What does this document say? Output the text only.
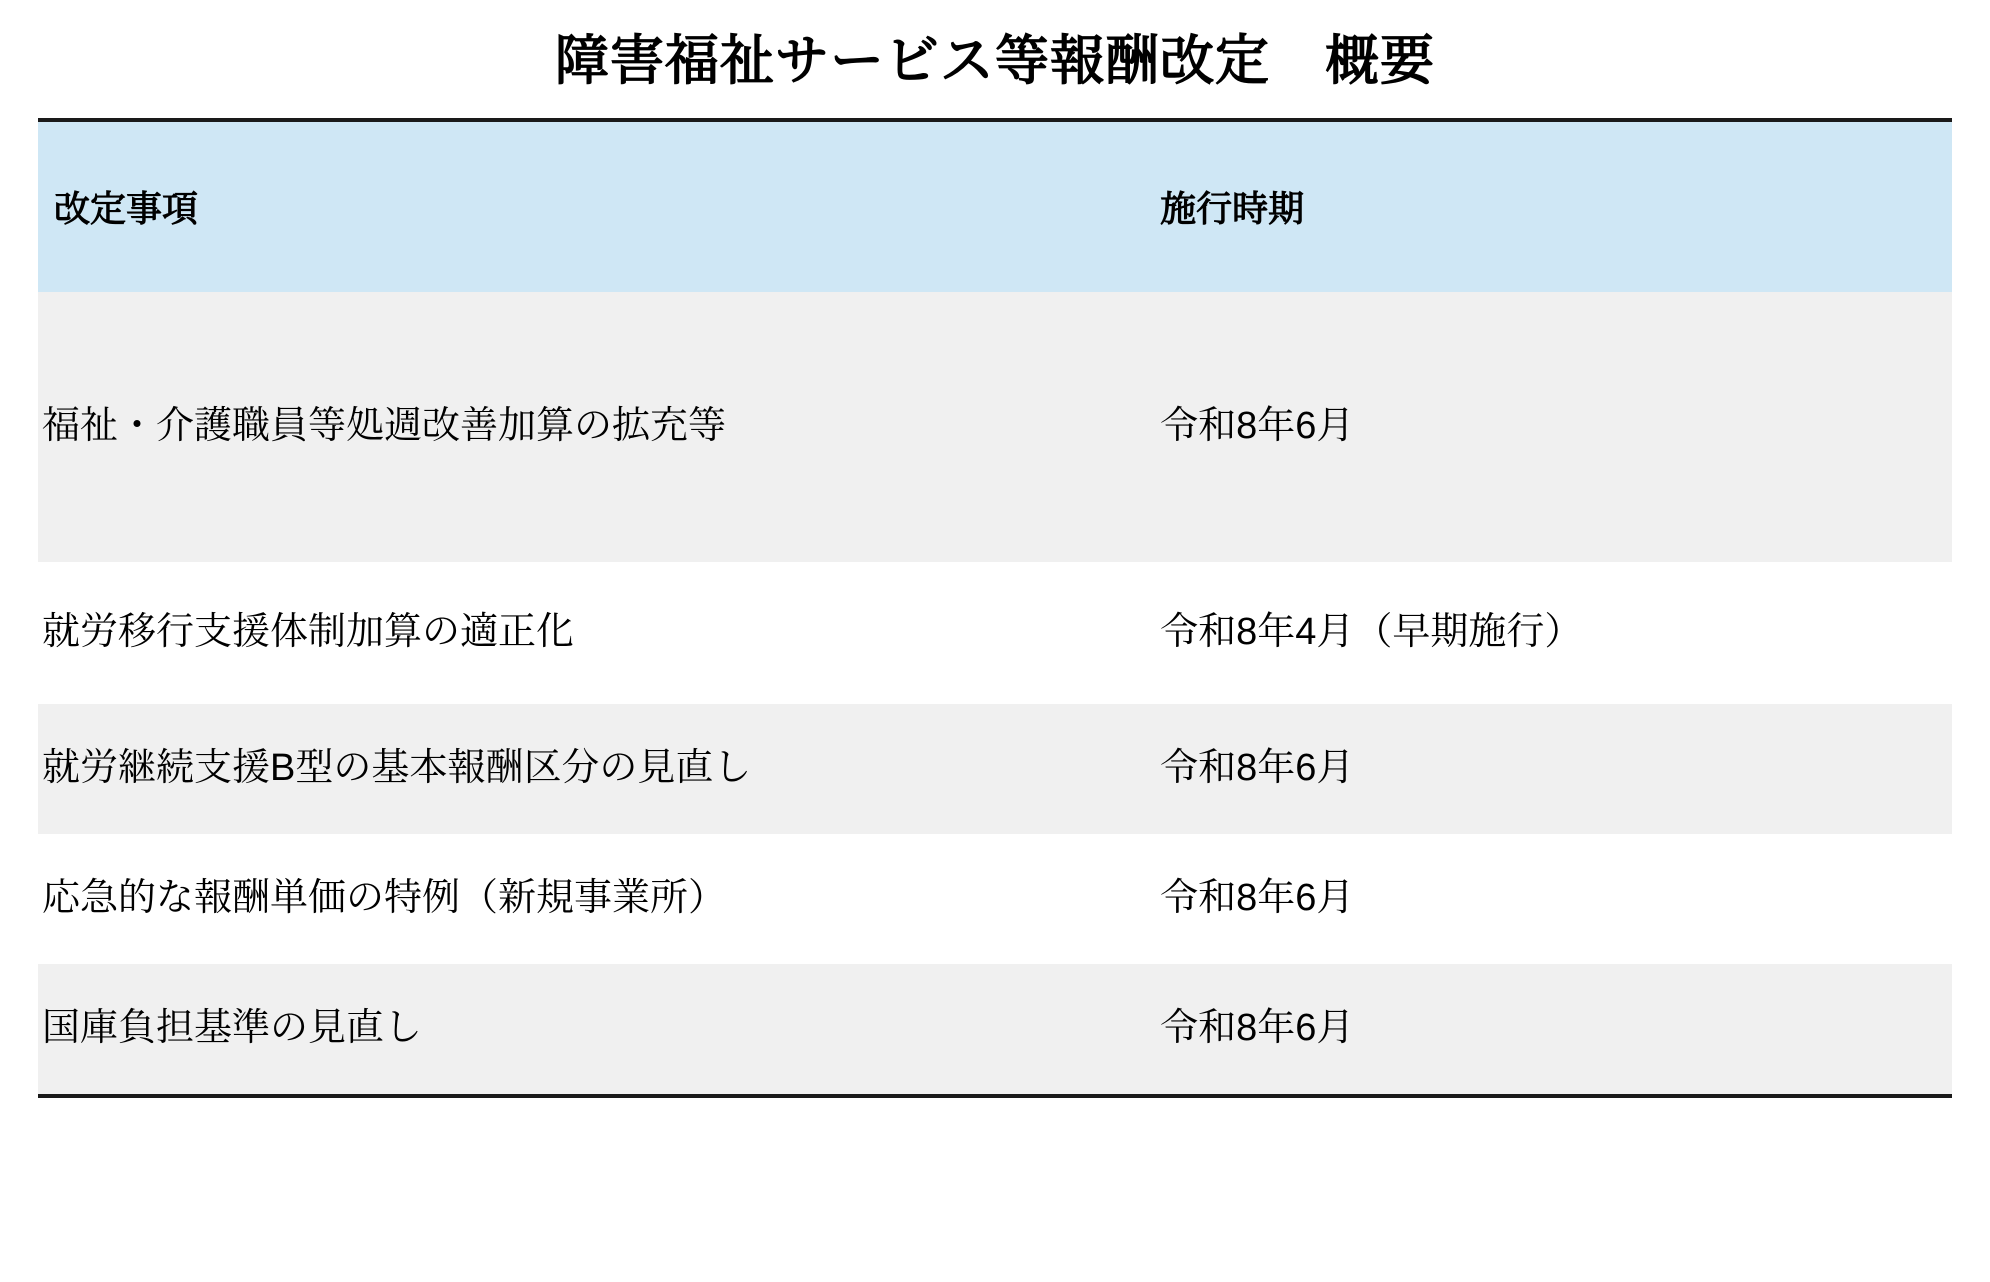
障害福祉サービス等報酬改定　概要
改定事項	施行時期
福祉・介護職員等処週改善加算の拡充等	令和8年6月
就労移行支援体制加算の適正化	令和8年4月（早期施行）
就労継続支援B型の基本報酬区分の見直し	令和8年6月
応急的な報酬単価の特例（新規事業所）	令和8年6月
国庫負担基準の見直し	令和8年6月
